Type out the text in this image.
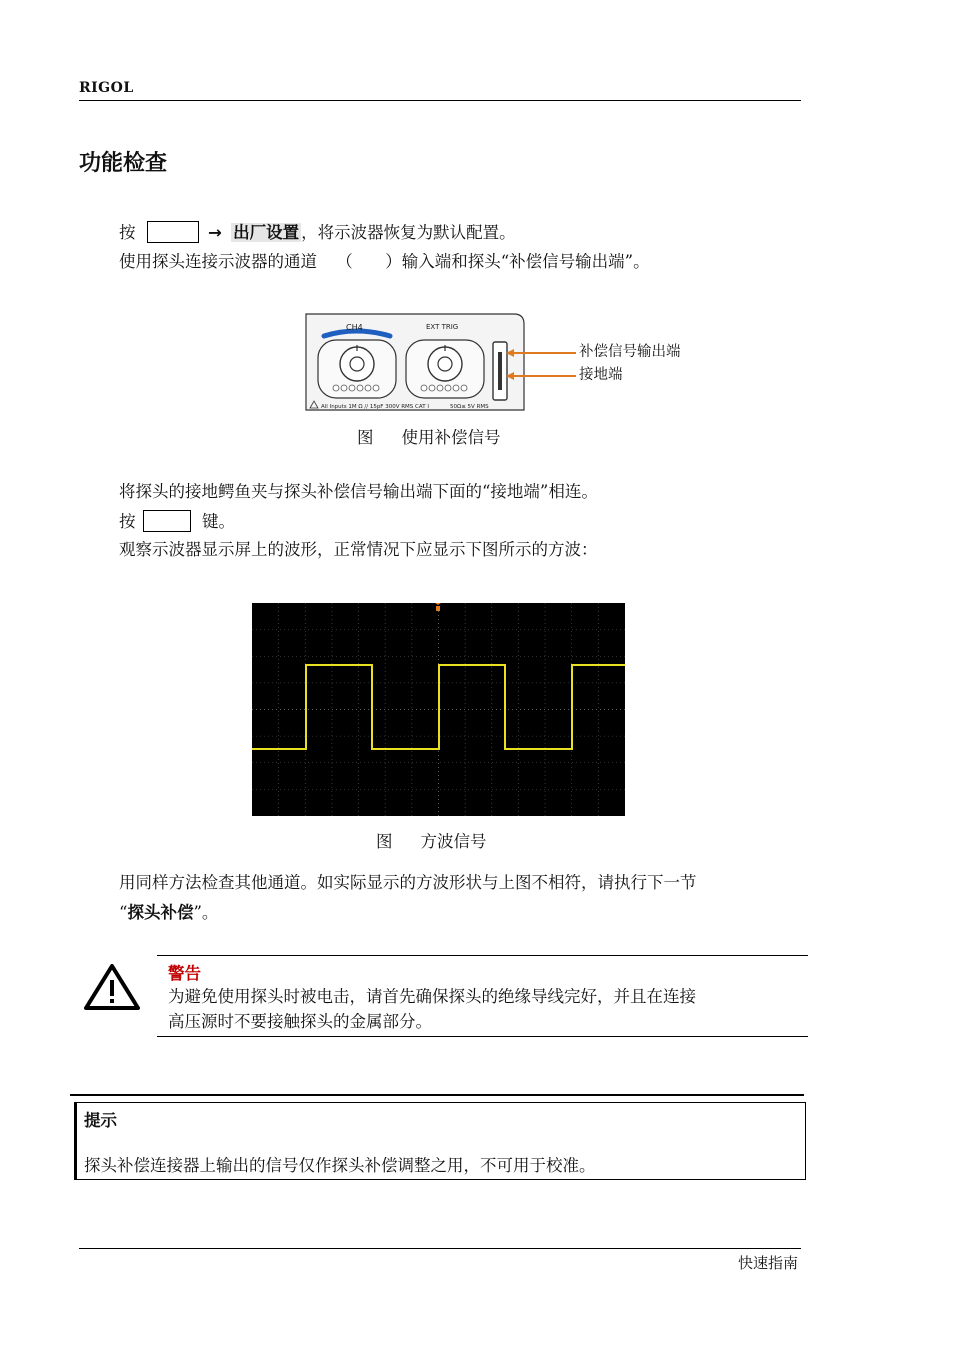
RIGOL
功能检查
按	→ 出厂设置 ，将示波器恢复为默认配置。
使用探头连接示波器的通道 （ ）输入端和探头“补偿信号输出端”。
CH4	EXT TRIG
All Inputs 1M Ω // 15pF 300V RMS CAT I	50Ω≤ 5V RMS
补偿信号输出端
接地端
图 使用补偿信号
将探头的接地鳄鱼夹与探头补偿信号输出端下面的“接地端”相连。
按	键。
观察示波器显示屏上的波形，正常情况下应显示下图所示的方波：
图 方波信号
用同样方法检查其他通道。如实际显示的方波形状与上图不相符，请执行下一节
“探头补偿”。
警告
为避免使用探头时被电击，请首先确保探头的绝缘导线完好，并且在连接
高压源时不要接触探头的金属部分。
提示
探头补偿连接器上输出的信号仅作探头补偿调整之用，不可用于校准。
快速指南
